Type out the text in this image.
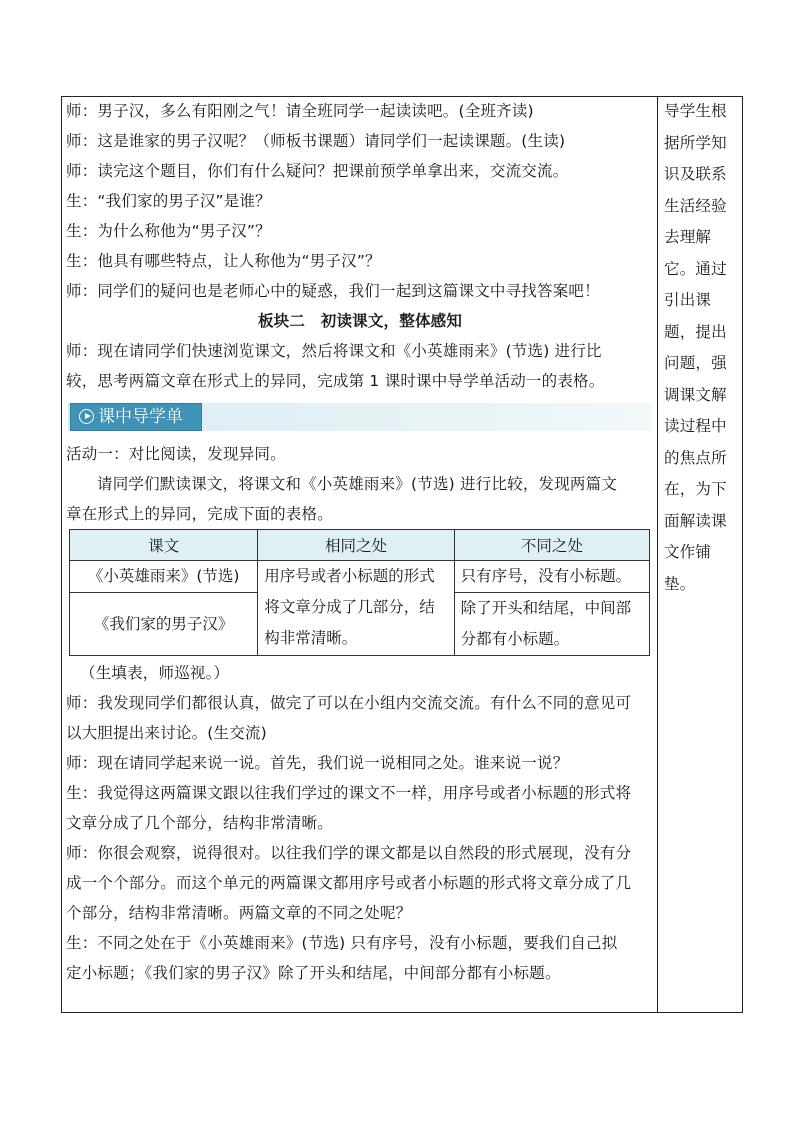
师：男子汉，多么有阳刚之气！请全班同学一起读读吧。(全班齐读)
师：这是谁家的男子汉呢？（师板书课题）请同学们一起读课题。(生读)
师：读完这个题目，你们有什么疑问？把课前预学单拿出来，交流交流。
生：“我们家的男子汉”是谁？
生：为什么称他为“男子汉”？
生：他具有哪些特点，让人称他为“男子汉”？
师：同学们的疑问也是老师心中的疑惑，我们一起到这篇课文中寻找答案吧！
板块二　初读课文，整体感知
师：现在请同学们快速浏览课文，然后将课文和《小英雄雨来》(节选) 进行比
较，思考两篇文章在形式上的异同，完成第 1 课时课中导学单活动一的表格。
课中导学单
活动一：对比阅读，发现异同。
请同学们默读课文，将课文和《小英雄雨来》(节选) 进行比较，发现两篇文
章在形式上的异同，完成下面的表格。
课文	相同之处	不同之处
《小英雄雨来》(节选)	用序号或者小标题的形式
将文章分成了几部分，结
构非常清晰。	只有序号，没有小标题。
《我们家的男子汉》		除了开头和结尾，中间部
分都有小标题。
（生填表，师巡视。）
师：我发现同学们都很认真，做完了可以在小组内交流交流。有什么不同的意见可
以大胆提出来讨论。(生交流)
师：现在请同学起来说一说。首先，我们说一说相同之处。谁来说一说？
生：我觉得这两篇课文跟以往我们学过的课文不一样，用序号或者小标题的形式将
文章分成了几个部分，结构非常清晰。
师：你很会观察，说得很对。以往我们学的课文都是以自然段的形式展现，没有分
成一个个部分。而这个单元的两篇课文都用序号或者小标题的形式将文章分成了几
个部分，结构非常清晰。两篇文章的不同之处呢？
生：不同之处在于《小英雄雨来》(节选) 只有序号，没有小标题，要我们自己拟
定小标题；《我们家的男子汉》除了开头和结尾，中间部分都有小标题。
导学生根
据所学知
识及联系
生活经验
去理解
它。通过
引出课
题，提出
问题，强
调课文解
读过程中
的焦点所
在，为下
面解读课
文作铺
垫。
